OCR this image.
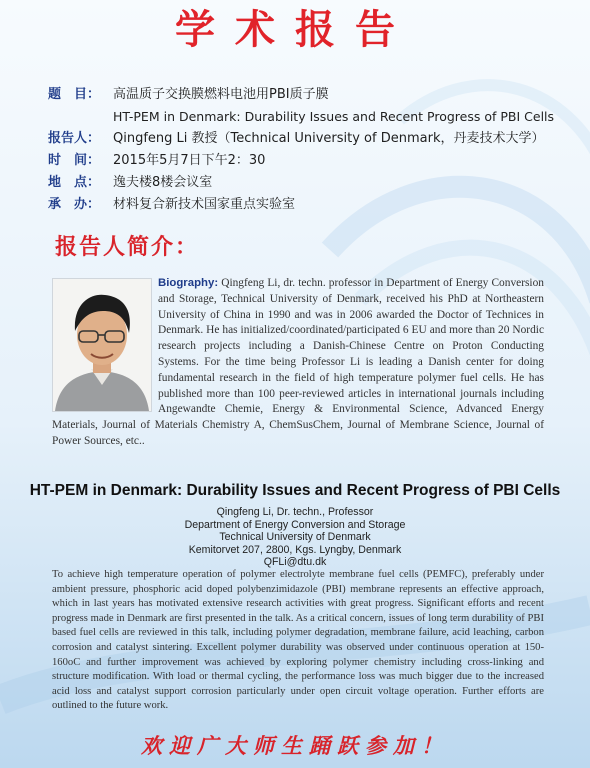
学术报告
题　目： 高温质子交换膜燃料电池用PBI质子膜
HT-PEM in Denmark: Durability Issues and Recent Progress of PBI Cells
报告人： Qingfeng Li 教授（Technical University of Denmark，丹麦技术大学）
时　间： 2015年5月7日下午2：30
地　点： 逸夫楼8楼会议室
承　办： 材料复合新技术国家重点实验室
报告人简介：
Biography: Qingfeng Li, dr. techn. professor in Department of Energy Conversion and Storage, Technical University of Denmark, received his PhD at Northeastern University of China in 1990 and was in 2006 awarded the Doctor of Technices in Denmark. He has initialized/coordinated/participated 6 EU and more than 20 Nordic research projects including a Danish-Chinese Centre on Proton Conducting Systems. For the time being Professor Li is leading a Danish center for doing fundamental research in the field of high temperature polymer fuel cells. He has published more than 100 peer-reviewed articles in international journals including Angewandte Chemie, Energy & Environmental Science, Advanced Energy Materials, Journal of Materials Chemistry A, ChemSusChem, Journal of Membrane Science, Journal of Power Sources, etc..
HT-PEM in Denmark: Durability Issues and Recent Progress of PBI Cells
Qingfeng Li, Dr. techn., Professor
Department of Energy Conversion and Storage
Technical University of Denmark
Kemitorvet 207, 2800, Kgs. Lyngby, Denmark
QFLi@dtu.dk
To achieve high temperature operation of polymer electrolyte membrane fuel cells (PEMFC), preferably under ambient pressure, phosphoric acid doped polybenzimidazole (PBI) membrane represents an effective approach, which in last years has motivated extensive research activities with great progress. Significant efforts and recent progress made in Denmark are first presented in the talk. As a critical concern, issues of long term durability of PBI based fuel cells are reviewed in this talk, including polymer degradation, membrane failure, acid leaching, carbon corrosion and catalyst sintering. Excellent polymer durability was observed under continuous operation at 150-160oC and further improvement was achieved by exploring polymer chemistry including cross-linking and structure modification. With load or thermal cycling, the performance loss was much bigger due to the increased acid loss and catalyst support corrosion particularly under open circuit voltage operation. Further efforts are outlined to the future work.
欢迎广大师生踊跃参加！
